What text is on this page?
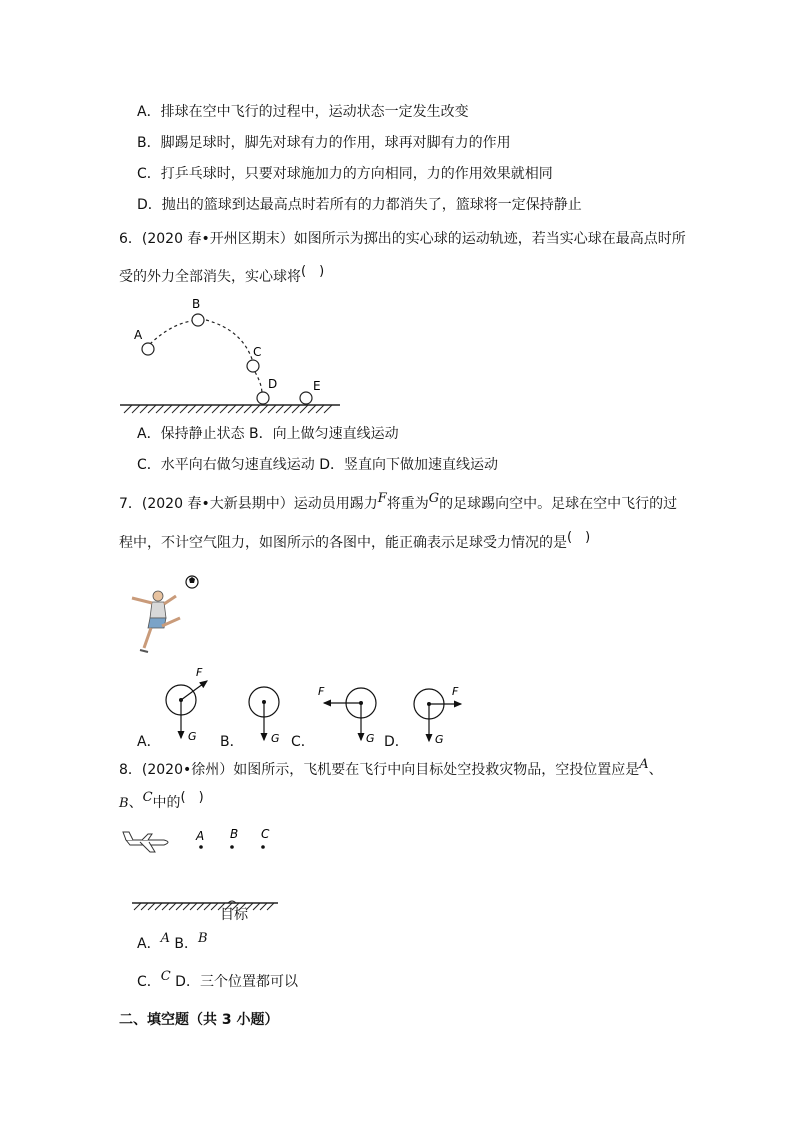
A．排球在空中飞行的过程中，运动状态一定发生改变
B．脚踢足球时，脚先对球有力的作用，球再对脚有力的作用
C．打乒乓球时，只要对球施加力的方向相同，力的作用效果就相同
D．抛出的篮球到达最高点时若所有的力都消失了，篮球将一定保持静止
6．(2020 春•开州区期末）如图所示为掷出的实心球的运动轨迹，若当实心球在最高点时所
受的外力全部消失，实心球将(　)
A
B
C
D	E
A．保持静止状态 B．向上做匀速直线运动
C．水平向右做匀速直线运动 D．竖直向下做加速直线运动
7．(2020 春•大新县期中）运动员用踢力F将重为G的足球踢向空中。足球在空中飞行的过
程中，不计空气阻力，如图所示的各图中，能正确表示足球受力情况的是(　)
F
G	G
F
G
F
G
A．	B．	C．	D．
8．(2020•徐州）如图所示，飞机要在飞行中向目标处空投救灾物品，空投位置应是A、
B、C中的(　)
A B C
目标
A．A B．B
C．C D．三个位置都可以
二、填空题（共 3 小题）
